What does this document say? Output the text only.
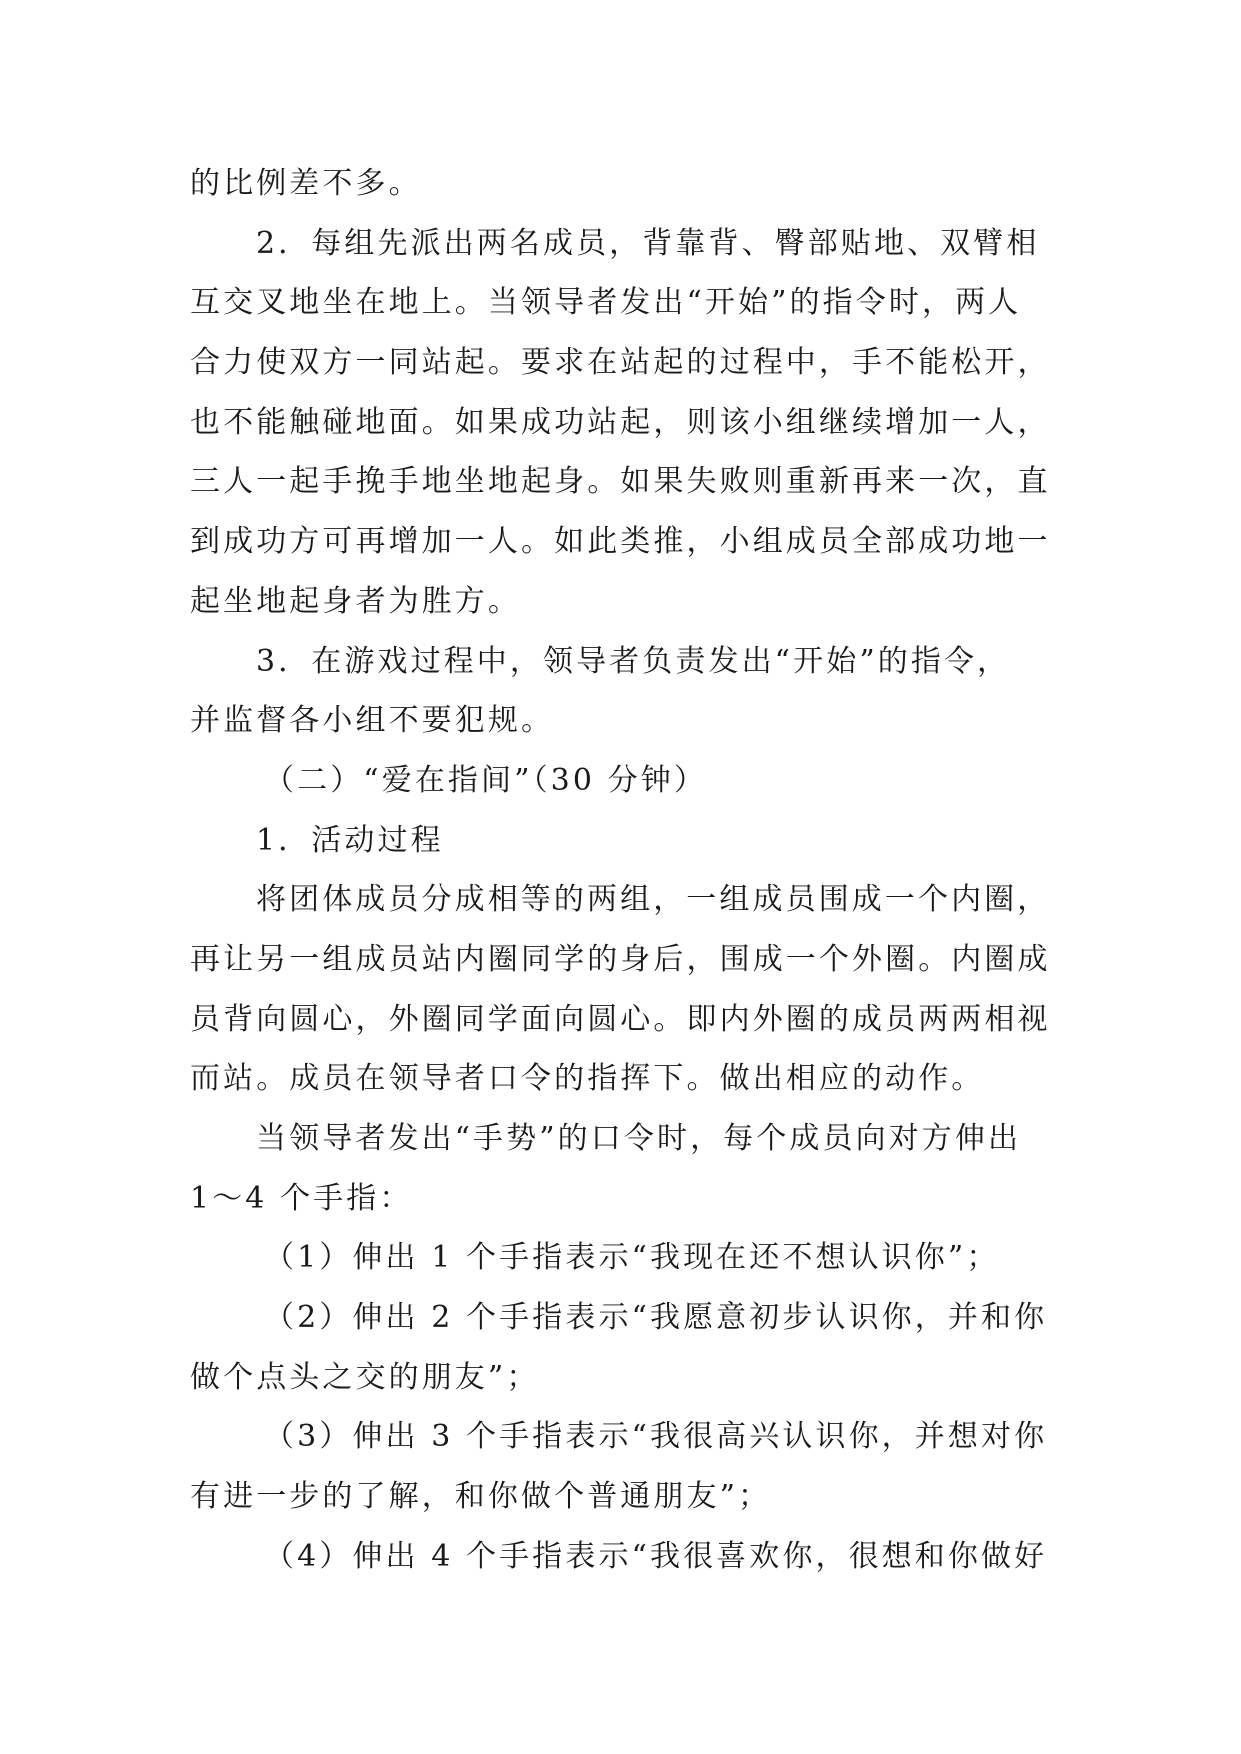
的比例差不多。
2．每组先派出两名成员，背靠背、臀部贴地、双臂相
互交叉地坐在地上。当领导者发出“开始”的指令时，两人
合力使双方一同站起。要求在站起的过程中，手不能松开，
也不能触碰地面。如果成功站起，则该小组继续增加一人，
三人一起手挽手地坐地起身。如果失败则重新再来一次，直
到成功方可再增加一人。如此类推，小组成员全部成功地一
起坐地起身者为胜方。
3．在游戏过程中，领导者负责发出“开始”的指令，
并监督各小组不要犯规。
（二）“爱在指间”（30 分钟）
1．活动过程
将团体成员分成相等的两组，一组成员围成一个内圈，
再让另一组成员站内圈同学的身后，围成一个外圈。内圈成
员背向圆心，外圈同学面向圆心。即内外圈的成员两两相视
而站。成员在领导者口令的指挥下。做出相应的动作。
当领导者发出“手势”的口令时，每个成员向对方伸出
1～4 个手指：
（1）伸出 1 个手指表示“我现在还不想认识你”；
（2）伸出 2 个手指表示“我愿意初步认识你，并和你
做个点头之交的朋友”；
（3）伸出 3 个手指表示“我很高兴认识你，并想对你
有进一步的了解，和你做个普通朋友”；
（4）伸出 4 个手指表示“我很喜欢你，很想和你做好
